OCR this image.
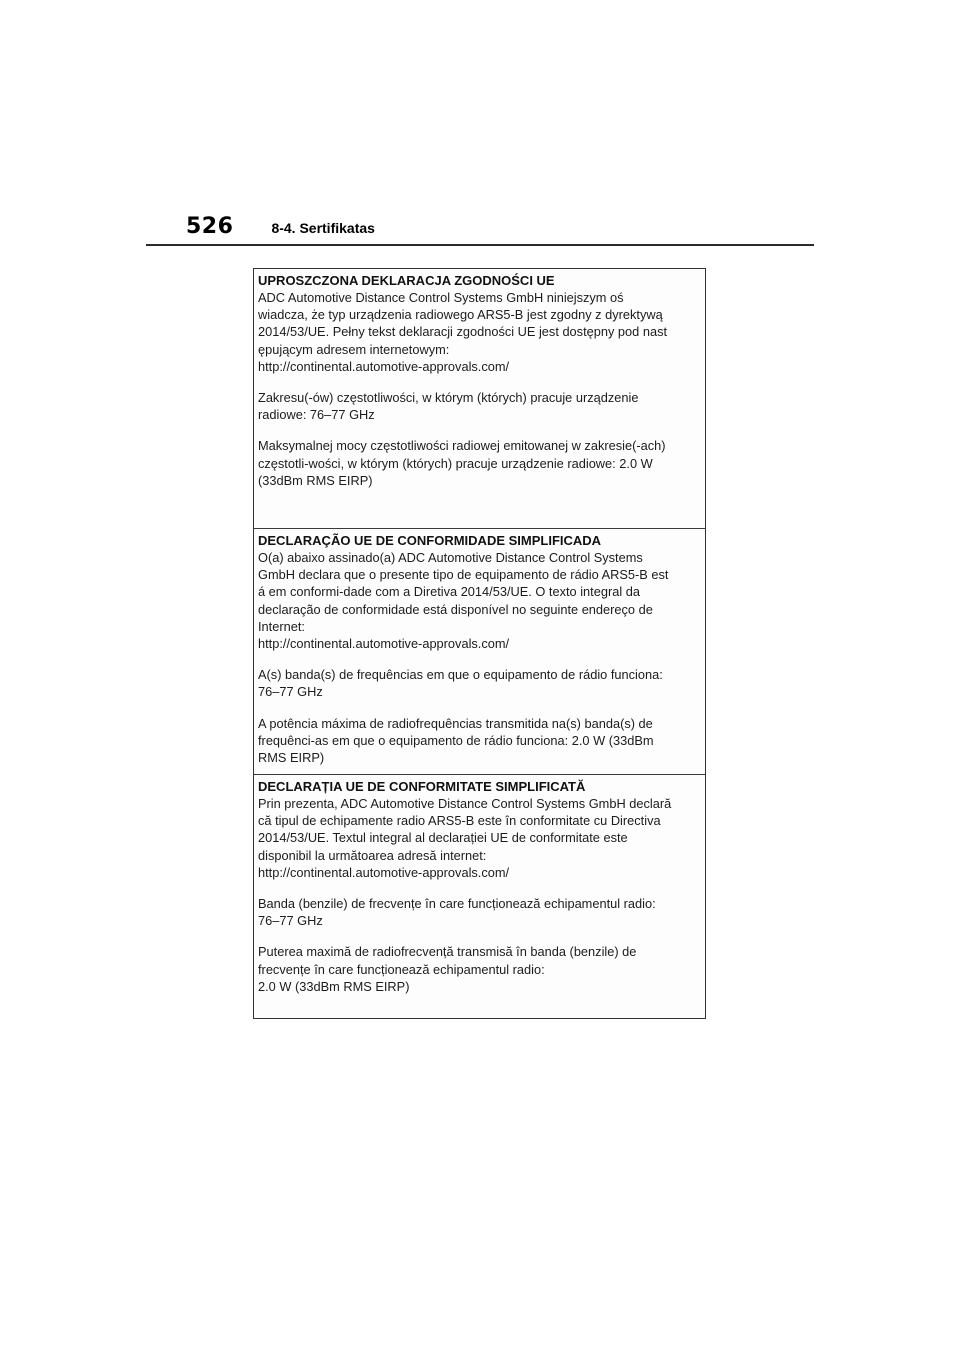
526	8-4. Sertifikatas
UPROSZCZONA DEKLARACJA ZGODNOŚCI UE

ADC Automotive Distance Control Systems GmbH niniejszym oś
wiadcza, że typ urządzenia radiowego ARS5-B jest zgodny z dyrektywą
2014/53/UE. Pełny tekst deklaracji zgodności UE jest dostępny pod nast
ępującym adresem internetowym:
http://continental.automotive-approvals.com/

Zakresu(-ów) częstotliwości, w którym (których) pracuje urządzenie
radiowe: 76–77 GHz

Maksymalnej mocy częstotliwości radiowej emitowanej w zakresie(-ach)
częstotli-wości, w którym (których) pracuje urządzenie radiowe: 2.0 W
(33dBm RMS EIRP)

DECLARAÇÃO UE DE CONFORMIDADE SIMPLIFICADA

O(a) abaixo assinado(a) ADC Automotive Distance Control Systems
GmbH declara que o presente tipo de equipamento de rádio ARS5-B est
á em conformi-dade com a Diretiva 2014/53/UE. O texto integral da
declaração de conformidade está disponível no seguinte endereço de
Internet:
http://continental.automotive-approvals.com/

A(s) banda(s) de frequências em que o equipamento de rádio funciona:
76–77 GHz

A potência máxima de radiofrequências transmitida na(s) banda(s) de
frequênci-as em que o equipamento de rádio funciona: 2.0 W (33dBm
RMS EIRP)

DECLARAȚIA UE DE CONFORMITATE SIMPLIFICATĂ

Prin prezenta, ADC Automotive Distance Control Systems GmbH declară
că tipul de echipamente radio ARS5-B este în conformitate cu Directiva
2014/53/UE. Textul integral al declarației UE de conformitate este
disponibil la următoarea adresă internet:
http://continental.automotive-approvals.com/

Banda (benzile) de frecvențe în care funcționează echipamentul radio:
76–77 GHz

Puterea maximă de radiofrecvență transmisă în banda (benzile) de
frecvențe în care funcționează echipamentul radio:
2.0 W (33dBm RMS EIRP)
